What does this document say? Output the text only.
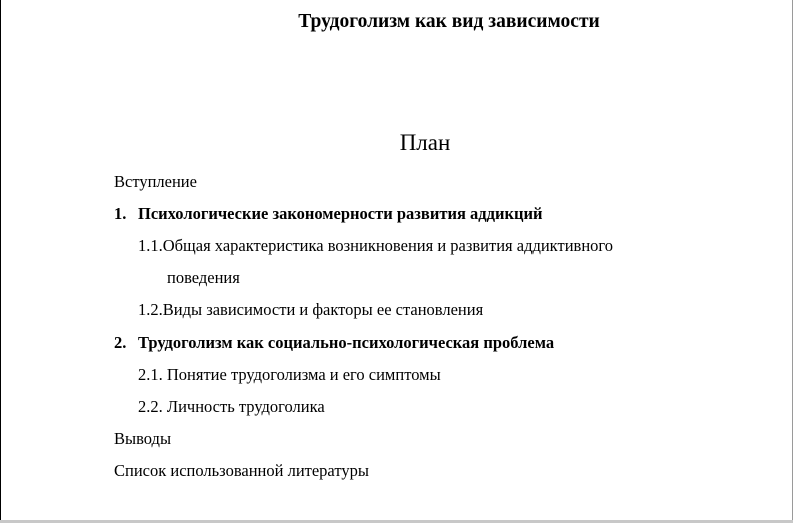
Трудоголизм как вид зависимости
План
Вступление
1. Психологические закономерности развития аддикций
1.1.Общая характеристика возникновения и развития аддиктивного
поведения
1.2.Виды зависимости и факторы ее становления
2. Трудоголизм как социально-психологическая проблема
2.1. Понятие трудоголизма и его симптомы
2.2. Личность трудоголика
Выводы
Список использованной литературы
